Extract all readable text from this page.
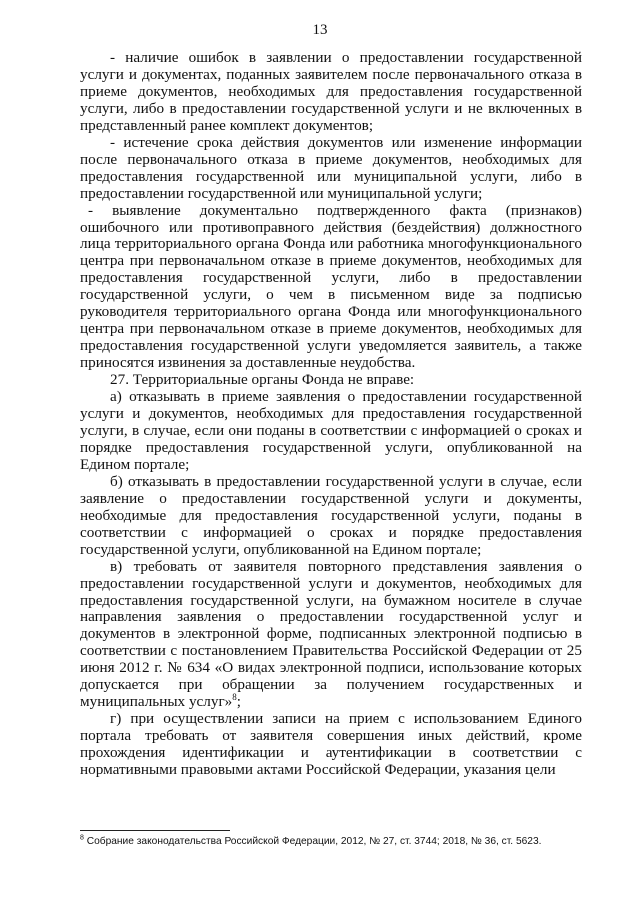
13

- наличие ошибок в заявлении о предоставлении государственной услуги и документах, поданных заявителем после первоначального отказа в приеме документов, необходимых для предоставления государственной услуги, либо в предоставлении государственной услуги и не включенных в представленный ранее комплект документов;

- истечение срока действия документов или изменение информации после первоначального отказа в приеме документов, необходимых для предоставления государственной или муниципальной услуги, либо в предоставлении государственной или муниципальной услуги;

- выявление документально подтвержденного факта (признаков) ошибочного или противоправного действия (бездействия) должностного лица территориального органа Фонда или работника многофункционального центра при первоначальном отказе в приеме документов, необходимых для предоставления государственной услуги, либо в предоставлении государственной услуги, о чем в письменном виде за подписью руководителя территориального органа Фонда или многофункционального центра при первоначальном отказе в приеме документов, необходимых для предоставления государственной услуги уведомляется заявитель, а также приносятся извинения за доставленные неудобства.

27. Территориальные органы Фонда не вправе:

а) отказывать в приеме заявления о предоставлении государственной услуги и документов, необходимых для предоставления государственной услуги, в случае, если они поданы в соответствии с информацией о сроках и порядке предоставления государственной услуги, опубликованной на Едином портале;

б) отказывать в предоставлении государственной услуги в случае, если заявление о предоставлении государственной услуги и документы, необходимые для предоставления государственной услуги, поданы в соответствии с информацией о сроках и порядке предоставления государственной услуги, опубликованной на Едином портале;

в) требовать от заявителя повторного представления заявления о предоставлении государственной услуги и документов, необходимых для предоставления государственной услуги, на бумажном носителе в случае направления заявления о предоставлении государственной услуг и документов в электронной форме, подписанных электронной подписью в соответствии с постановлением Правительства Российской Федерации от 25 июня 2012 г. № 634 «О видах электронной подписи, использование которых допускается при обращении за получением государственных и муниципальных услуг»$^8$;

г) при осуществлении записи на прием с использованием Единого портала требовать от заявителя совершения иных действий, кроме прохождения идентификации и аутентификации в соответствии с нормативными правовыми актами Российской Федерации, указания цели

$^8$ Собрание законодательства Российской Федерации, 2012, № 27, ст. 3744; 2018, № 36, ст. 5623.
